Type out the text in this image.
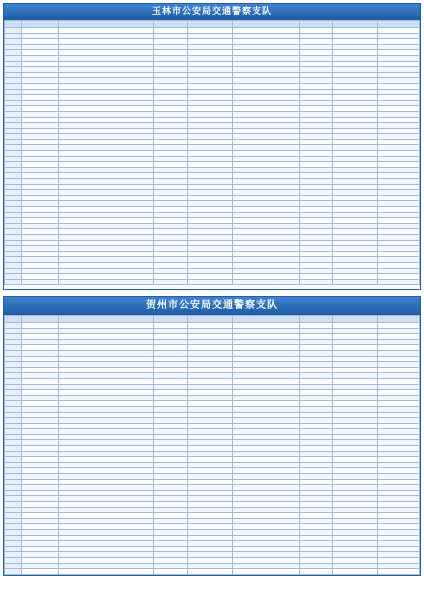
玉林市公安局交通警察支队

贺州市公安局交通警察支队
